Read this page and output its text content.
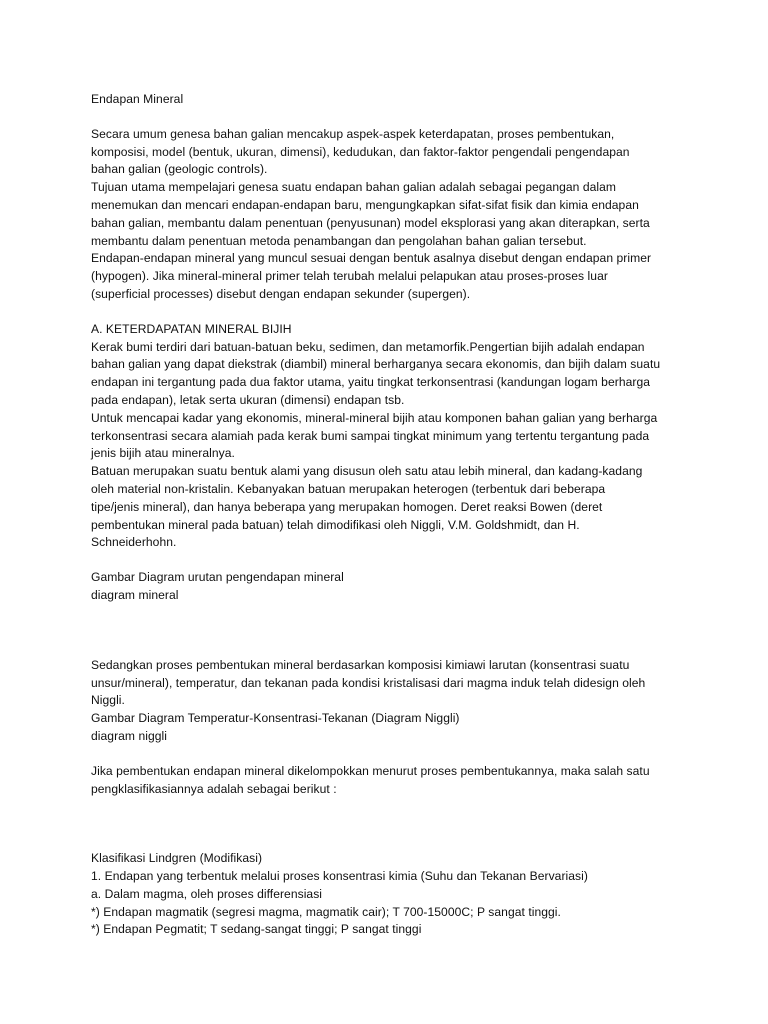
Endapan Mineral

Secara umum genesa bahan galian mencakup aspek-aspek keterdapatan, proses pembentukan,
komposisi, model (bentuk, ukuran, dimensi), kedudukan, dan faktor-faktor pengendali pengendapan
bahan galian (geologic controls).
Tujuan utama mempelajari genesa suatu endapan bahan galian adalah sebagai pegangan dalam
menemukan dan mencari endapan-endapan baru, mengungkapkan sifat-sifat fisik dan kimia endapan
bahan galian, membantu dalam penentuan (penyusunan) model eksplorasi yang akan diterapkan, serta
membantu dalam penentuan metoda penambangan dan pengolahan bahan galian tersebut.
Endapan-endapan mineral yang muncul sesuai dengan bentuk asalnya disebut dengan endapan primer
(hypogen). Jika mineral-mineral primer telah terubah melalui pelapukan atau proses-proses luar
(superficial processes) disebut dengan endapan sekunder (supergen).

A. KETERDAPATAN MINERAL BIJIH
Kerak bumi terdiri dari batuan-batuan beku, sedimen, dan metamorfik.Pengertian bijih adalah endapan
bahan galian yang dapat diekstrak (diambil) mineral berharganya secara ekonomis, dan bijih dalam suatu
endapan ini tergantung pada dua faktor utama, yaitu tingkat terkonsentrasi (kandungan logam berharga
pada endapan), letak serta ukuran (dimensi) endapan tsb.
Untuk mencapai kadar yang ekonomis, mineral-mineral bijih atau komponen bahan galian yang berharga
terkonsentrasi secara alamiah pada kerak bumi sampai tingkat minimum yang tertentu tergantung pada
jenis bijih atau mineralnya.
Batuan merupakan suatu bentuk alami yang disusun oleh satu atau lebih mineral, dan kadang-kadang
oleh material non-kristalin. Kebanyakan batuan merupakan heterogen (terbentuk dari beberapa
tipe/jenis mineral), dan hanya beberapa yang merupakan homogen. Deret reaksi Bowen (deret
pembentukan mineral pada batuan) telah dimodifikasi oleh Niggli, V.M. Goldshmidt, dan H.
Schneiderhohn.

Gambar Diagram urutan pengendapan mineral
diagram mineral

Sedangkan proses pembentukan mineral berdasarkan komposisi kimiawi larutan (konsentrasi suatu
unsur/mineral), temperatur, dan tekanan pada kondisi kristalisasi dari magma induk telah didesign oleh
Niggli.
Gambar Diagram Temperatur-Konsentrasi-Tekanan (Diagram Niggli)
diagram niggli

Jika pembentukan endapan mineral dikelompokkan menurut proses pembentukannya, maka salah satu
pengklasifikasiannya adalah sebagai berikut :

Klasifikasi Lindgren (Modifikasi)
1. Endapan yang terbentuk melalui proses konsentrasi kimia (Suhu dan Tekanan Bervariasi)
a. Dalam magma, oleh proses differensiasi
*) Endapan magmatik (segresi magma, magmatik cair); T 700-15000C; P sangat tinggi.
*) Endapan Pegmatit; T sedang-sangat tinggi; P sangat tinggi
